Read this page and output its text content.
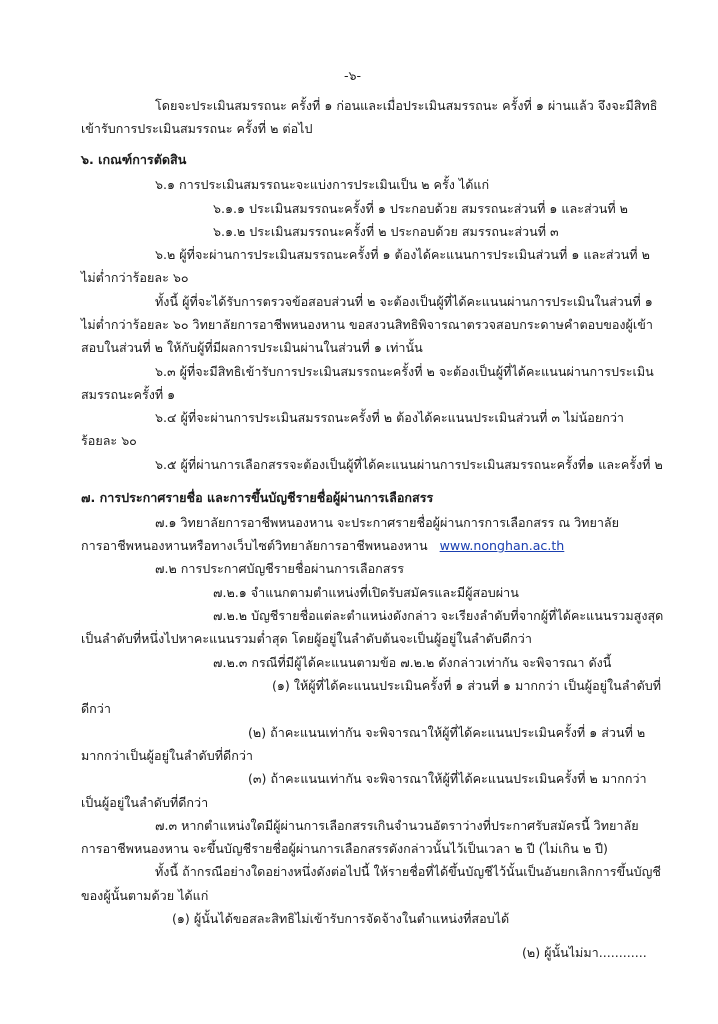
-๖-
โดยจะประเมินสมรรถนะ ครั้งที่ ๑ ก่อนและเมื่อประเมินสมรรถนะ ครั้งที่ ๑ ผ่านแล้ว จึงจะมีสิทธิ
เข้ารับการประเมินสมรรถนะ ครั้งที่ ๒ ต่อไป
๖. เกณฑ์การตัดสิน
๖.๑ การประเมินสมรรถนะจะแบ่งการประเมินเป็น ๒ ครั้ง ได้แก่
๖.๑.๑ ประเมินสมรรถนะครั้งที่ ๑ ประกอบด้วย สมรรถนะส่วนที่ ๑ และส่วนที่ ๒
๖.๑.๒ ประเมินสมรรถนะครั้งที่ ๒ ประกอบด้วย สมรรถนะส่วนที่ ๓
๖.๒ ผู้ที่จะผ่านการประเมินสมรรถนะครั้งที่ ๑ ต้องได้คะแนนการประเมินส่วนที่ ๑ และส่วนที่ ๒
ไม่ต่ำกว่าร้อยละ ๖๐
ทั้งนี้ ผู้ที่จะได้รับการตรวจข้อสอบส่วนที่ ๒ จะต้องเป็นผู้ที่ได้คะแนนผ่านการประเมินในส่วนที่ ๑
ไม่ต่ำกว่าร้อยละ ๖๐ วิทยาลัยการอาชีพหนองหาน ขอสงวนสิทธิพิจารณาตรวจสอบกระดาษคำตอบของผู้เข้า
สอบในส่วนที่ ๒ ให้กับผู้ที่มีผลการประเมินผ่านในส่วนที่ ๑ เท่านั้น
๖.๓ ผู้ที่จะมีสิทธิเข้ารับการประเมินสมรรถนะครั้งที่ ๒ จะต้องเป็นผู้ที่ได้คะแนนผ่านการประเมิน
สมรรถนะครั้งที่ ๑
๖.๔ ผู้ที่จะผ่านการประเมินสมรรถนะครั้งที่ ๒ ต้องได้คะแนนประเมินส่วนที่ ๓ ไม่น้อยกว่า
ร้อยละ ๖๐
๖.๕ ผู้ที่ผ่านการเลือกสรรจะต้องเป็นผู้ที่ได้คะแนนผ่านการประเมินสมรรถนะครั้งที่๑ และครั้งที่ ๒
๗. การประกาศรายชื่อ และการขึ้นบัญชีรายชื่อผู้ผ่านการเลือกสรร
๗.๑ วิทยาลัยการอาชีพหนองหาน จะประกาศรายชื่อผู้ผ่านการการเลือกสรร ณ วิทยาลัย
การอาชีพหนองหานหรือทางเว็บไซต์วิทยาลัยการอาชีพหนองหาน www.nonghan.ac.th
๗.๒ การประกาศบัญชีรายชื่อผ่านการเลือกสรร
๗.๒.๑ จำแนกตามตำแหน่งที่เปิดรับสมัครและมีผู้สอบผ่าน
๗.๒.๒ บัญชีรายชื่อแต่ละตำแหน่งดังกล่าว จะเรียงลำดับที่จากผู้ที่ได้คะแนนรวมสูงสุด
เป็นลำดับที่หนึ่งไปหาคะแนนรวมต่ำสุด โดยผู้อยู่ในลำดับต้นจะเป็นผู้อยู่ในลำดับดีกว่า
๗.๒.๓ กรณีที่มีผู้ได้คะแนนตามข้อ ๗.๒.๒ ดังกล่าวเท่ากัน จะพิจารณา ดังนี้
(๑) ให้ผู้ที่ได้คะแนนประเมินครั้งที่ ๑ ส่วนที่ ๑ มากกว่า เป็นผู้อยู่ในลำดับที่
ดีกว่า
(๒) ถ้าคะแนนเท่ากัน จะพิจารณาให้ผู้ที่ได้คะแนนประเมินครั้งที่ ๑ ส่วนที่ ๒
มากกว่าเป็นผู้อยู่ในลำดับที่ดีกว่า
(๓) ถ้าคะแนนเท่ากัน จะพิจารณาให้ผู้ที่ได้คะแนนประเมินครั้งที่ ๒ มากกว่า
เป็นผู้อยู่ในลำดับที่ดีกว่า
๗.๓ หากตำแหน่งใดมีผู้ผ่านการเลือกสรรเกินจำนวนอัตราว่างที่ประกาศรับสมัครนี้ วิทยาลัย
การอาชีพหนองหาน จะขึ้นบัญชีรายชื่อผู้ผ่านการเลือกสรรดังกล่าวนั้นไว้เป็นเวลา ๒ ปี (ไม่เกิน ๒ ปี)
ทั้งนี้ ถ้ากรณีอย่างใดอย่างหนึ่งดังต่อไปนี้ ให้รายชื่อที่ได้ขึ้นบัญชีไว้นั้นเป็นอันยกเลิกการขึ้นบัญชี
ของผู้นั้นตามด้วย ได้แก่
(๑) ผู้นั้นได้ขอสละสิทธิไม่เข้ารับการจัดจ้างในตำแหน่งที่สอบได้
(๒) ผู้นั้นไม่มา............
